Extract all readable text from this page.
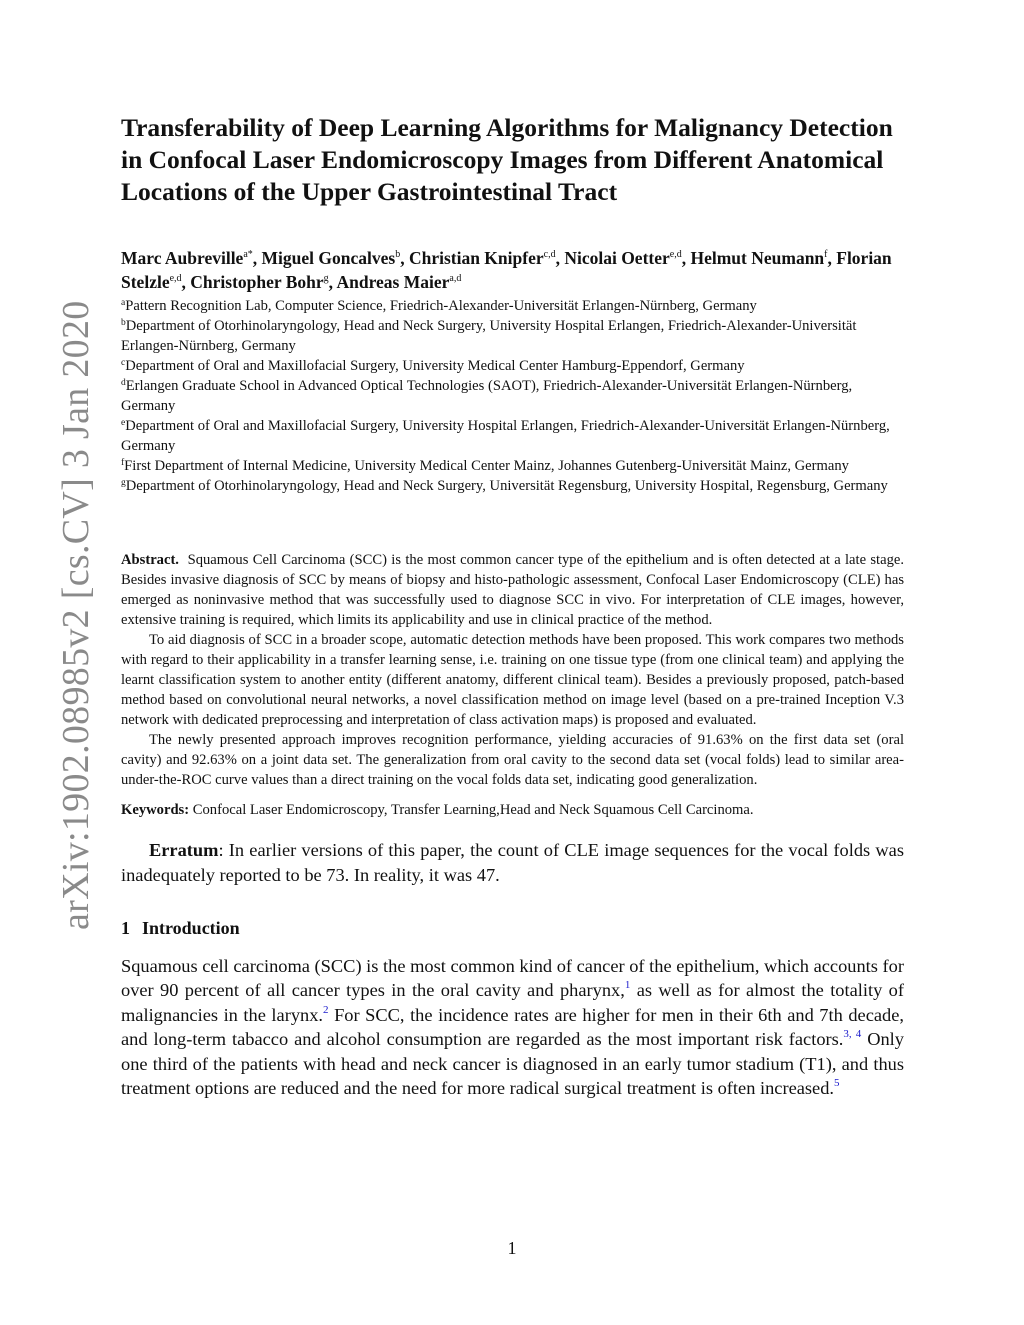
arXiv:1902.08985v2 [cs.CV] 3 Jan 2020
Transferability of Deep Learning Algorithms for Malignancy Detection in Confocal Laser Endomicroscopy Images from Different Anatomical Locations of the Upper Gastrointestinal Tract
Marc Aubreville$^{a*}$, Miguel Goncalves$^b$, Christian Knipfer$^{c,d}$, Nicolai Oetter$^{e,d}$, Helmut Neumann$^f$, Florian Stelzle$^{e,d}$, Christopher Bohr$^g$, Andreas Maier$^{a,d}$
$^a$Pattern Recognition Lab, Computer Science, Friedrich-Alexander-Universität Erlangen-Nürnberg, Germany
$^b$Department of Otorhinolaryngology, Head and Neck Surgery, University Hospital Erlangen, Friedrich-Alexander-Universität Erlangen-Nürnberg, Germany
$^c$Department of Oral and Maxillofacial Surgery, University Medical Center Hamburg-Eppendorf, Germany
$^d$Erlangen Graduate School in Advanced Optical Technologies (SAOT), Friedrich-Alexander-Universität Erlangen-Nürnberg, Germany
$^e$Department of Oral and Maxillofacial Surgery, University Hospital Erlangen, Friedrich-Alexander-Universität Erlangen-Nürnberg, Germany
$^f$First Department of Internal Medicine, University Medical Center Mainz, Johannes Gutenberg-Universität Mainz, Germany
$^g$Department of Otorhinolaryngology, Head and Neck Surgery, Universität Regensburg, University Hospital, Regensburg, Germany

Abstract. Squamous Cell Carcinoma (SCC) is the most common cancer type of the epithelium and is often detected at a late stage. Besides invasive diagnosis of SCC by means of biopsy and histo-pathologic assessment, Confocal Laser Endomicroscopy (CLE) has emerged as noninvasive method that was successfully used to diagnose SCC in vivo. For interpretation of CLE images, however, extensive training is required, which limits its applicability and use in clinical practice of the method.

To aid diagnosis of SCC in a broader scope, automatic detection methods have been proposed. This work compares two methods with regard to their applicability in a transfer learning sense, i.e. training on one tissue type (from one clinical team) and applying the learnt classification system to another entity (different anatomy, different clinical team). Besides a previously proposed, patch-based method based on convolutional neural networks, a novel classification method on image level (based on a pre-trained Inception V.3 network with dedicated preprocessing and interpretation of class activation maps) is proposed and evaluated.

The newly presented approach improves recognition performance, yielding accuracies of 91.63% on the first data set (oral cavity) and 92.63% on a joint data set. The generalization from oral cavity to the second data set (vocal folds) lead to similar area-under-the-ROC curve values than a direct training on the vocal folds data set, indicating good generalization.

Keywords: Confocal Laser Endomicroscopy, Transfer Learning,Head and Neck Squamous Cell Carcinoma.
Erratum: In earlier versions of this paper, the count of CLE image sequences for the vocal folds was inadequately reported to be 73. In reality, it was 47.
1 Introduction
Squamous cell carcinoma (SCC) is the most common kind of cancer of the epithelium, which accounts for over 90 percent of all cancer types in the oral cavity and pharynx,$^1$ as well as for almost the totality of malignancies in the larynx.$^2$ For SCC, the incidence rates are higher for men in their 6th and 7th decade, and long-term tabacco and alcohol consumption are regarded as the most important risk factors.$^{3, 4}$ Only one third of the patients with head and neck cancer is diagnosed in an early tumor stadium (T1), and thus treatment options are reduced and the need for more radical surgical treatment is often increased.$^5$
1
